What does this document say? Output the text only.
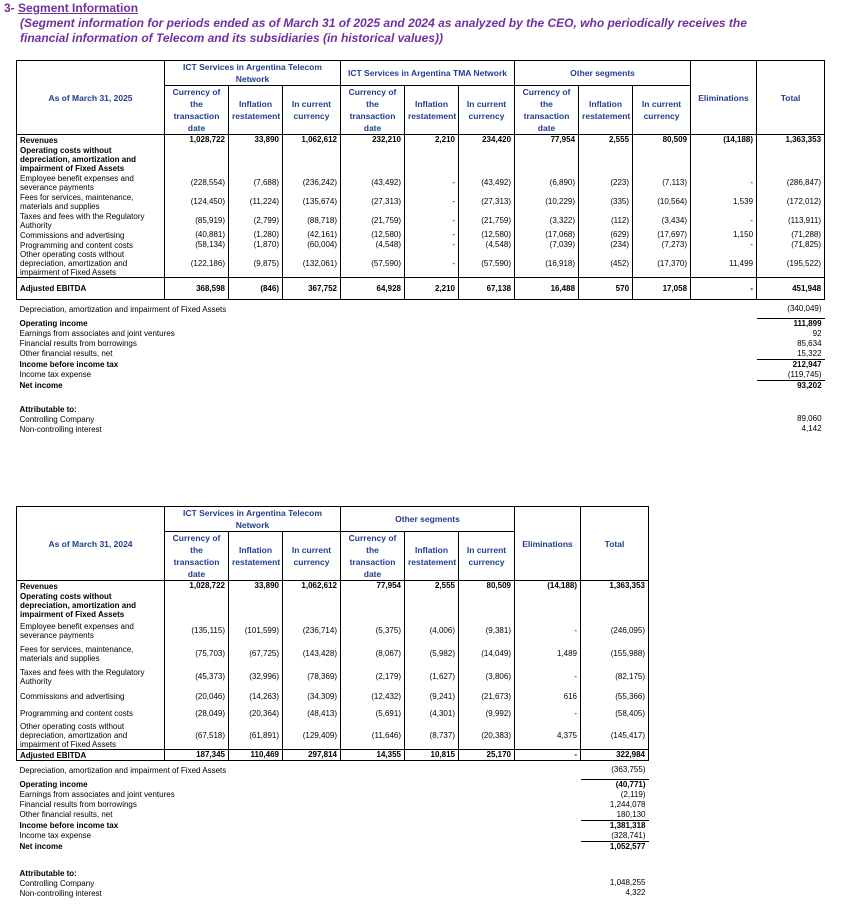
3- Segment Information
(Segment information for periods ended as of March 31 of 2025 and 2024 as analyzed by the CEO, who periodically receives the financial information of Telecom and its subsidiaries (in historical values))
As of March 31, 2025	ICT Services in Argentina Telecom Network			ICT Services in Argentina TMA Network			Other segments			Eliminations	Total
	Currency of the transaction date	Inflation restatement	In current currency	Currency of the transaction date	Inflation restatement	In current currency	Currency of the transaction date	Inflation restatement	In current currency		
Revenues	1,028,722	33,890	1,062,612	232,210	2,210	234,420	77,954	2,555	80,509	(14,188)	1,363,353
Operating costs without depreciation, amortization and impairment of Fixed Assets											
Employee benefit expenses and severance payments	(228,554)	(7,688)	(236,242)	(43,492)	-	(43,492)	(6,890)	(223)	(7,113)	-	(286,847)
Fees for services, maintenance, materials and supplies	(124,450)	(11,224)	(135,674)	(27,313)	-	(27,313)	(10,229)	(335)	(10,564)	1,539	(172,012)
Taxes and fees with the Regulatory Authority	(85,919)	(2,799)	(88,718)	(21,759)	-	(21,759)	(3,322)	(112)	(3,434)	-	(113,911)
Commissions and advertising	(40,881)	(1,280)	(42,161)	(12,580)	-	(12,580)	(17,068)	(629)	(17,697)	1,150	(71,288)
Programming and content costs	(58,134)	(1,870)	(60,004)	(4,548)	-	(4,548)	(7,039)	(234)	(7,273)	-	(71,825)
Other operating costs without depreciation, amortization and impairment of Fixed Assets	(122,186)	(9,875)	(132,061)	(57,590)	-	(57,590)	(16,918)	(452)	(17,370)	11,499	(195,522)
Adjusted EBITDA	368,598	(846)	367,752	64,928	2,210	67,138	16,488	570	17,058	-	451,948
Depreciation, amortization and impairment of Fixed Assets											(340,049)
Operating income											111,899
Earnings from associates and joint ventures											92
Financial results from borrowings											85,634
Other financial results, net											15,322
Income before income tax											212,947
Income tax expense											(119,745)
Net income											93,202

Attributable to:											
Controlling Company											89,060
Non-controlling interest											4,142
As of March 31, 2024	ICT Services in Argentina Telecom Network			Other segments			Eliminations	Total
	Currency of the transaction date	Inflation restatement	In current currency	Currency of the transaction date	Inflation restatement	In current currency		
Revenues	1,028,722	33,890	1,062,612	77,954	2,555	80,509	(14,188)	1,363,353
Operating costs without depreciation, amortization and impairment of Fixed Assets								
Employee benefit expenses and severance payments	(135,115)	(101,599)	(236,714)	(5,375)	(4,006)	(9,381)	-	(246,095)
Fees for services, maintenance, materials and supplies	(75,703)	(67,725)	(143,428)	(8,067)	(5,982)	(14,049)	1,489	(155,988)
Taxes and fees with the Regulatory Authority	(45,373)	(32,996)	(78,369)	(2,179)	(1,627)	(3,806)	-	(82,175)
Commissions and advertising	(20,046)	(14,263)	(34,309)	(12,432)	(9,241)	(21,673)	616	(55,366)
Programming and content costs	(28,049)	(20,364)	(48,413)	(5,691)	(4,301)	(9,992)	-	(58,405)
Other operating costs without depreciation, amortization and impairment of Fixed Assets	(67,518)	(61,891)	(129,409)	(11,646)	(8,737)	(20,383)	4,375	(145,417)
Adjusted EBITDA	187,345	110,469	297,814	14,355	10,815	25,170	-	322,984
Depreciation, amortization and impairment of Fixed Assets								(363,755)
Operating income								(40,771)
Earnings from associates and joint ventures								(2,119)
Financial results from borrowings								1,244,078
Other financial results, net								180,130
Income before income tax								1,381,318
Income tax expense								(328,741)
Net income								1,052,577

Attributable to:								
Controlling Company								1,048,255
Non-controlling interest								4,322
